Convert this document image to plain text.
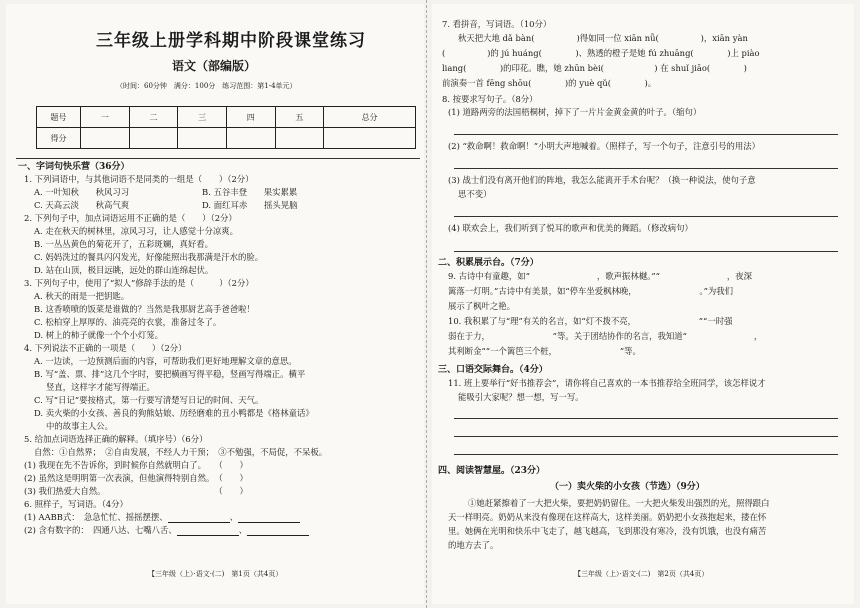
三年级上册学科期中阶段课堂练习
语文（部编版）
（时间：60分钟　满分：100分　练习范围：第1-4单元）
题号	一	二	三	四	五	总分
得分						
一、字词句快乐营（36分）
1. 下列词语中，与其他词语不是同类的一组是（　　）（2分）
A. 一叶知秋　　秋风习习	B. 五谷丰登　　果实累累
C. 天高云淡　　秋高气爽	D. 面红耳赤　　摇头晃脑
2. 下列句子中，加点词语运用不正确的是（　　）（2分）
A. 走在秋天的树林里，凉风习习，让人感觉十分凉爽。
B. 一丛丛黄色的菊花开了，五彩斑斓，真好看。
C. 妈妈洗过的餐具闪闪发光，好像能照出我那满是汗水的脸。
D. 站在山顶，极目远眺，远处的群山连绵起伏。
3. 下列句子中，使用了“拟人”修辞手法的是（　　　）（2分）
A. 秋天的雨是一把钥匙。
B. 这香喷喷的饭菜是谁做的？当然是我那厨艺高手爸爸啦！
C. 松柏穿上厚厚的、油亮亮的衣裳，准备过冬了。
D. 树上的柿子就像一个个小灯笼。
4. 下列说法不正确的一项是（　　）（2分）
A. 一边读，一边预测后面的内容，可帮助我们更好地理解文章的意思。
B. 写“盖、票、排”这几个字时，要把横画写得平稳，竖画写得端正。横平
竖直，这样字才能写得端正。
C. 写“日记”要按格式，第一行要写清楚写日记的时间、天气。
D. 卖火柴的小女孩、善良的狗熊姑娘、历经磨难的丑小鸭都是《格林童话》
中的故事主人公。
5. 给加点词语选择正确的解释。（填序号）（6分）
自然：①自然界；　②自由发展，不经人力干预；　③不勉强，不局促，不呆板。
(1) 我现在先不告诉你，到时候你自然就明白了。　　（　　）
(2) 虽然这是明明第一次表演，但他演得特别自然。　（　　）
(3) 我们热爱大自然。　　　　　　　　　　　　　　（　　）
6. 照样子，写词语。（4分）
(1) AABB式：　急急忙忙、摇摇摆摆、	、
(2) 含有数字的：　四通八达、七嘴八舌、	、
【三年级（上）·语文·(二)　第1页（共4页）
7. 看拼音，写词语。（10分）
秋天把大地 dǎ bàn(　　　　　)得如同一位 xiān nǚ(　　　　　)，xiān yàn
(　　　　　)的 jú huáng(　　　　)、熟透的橙子是她 fú zhuāng(　　　　)上 piào
liang(　　　　)的印花。瞧，她 zhūn bèi(　　　　　　) 在 shuǐ jiāo(　　　　)
前演奏一首 fēng shōu(　　　　)的 yuè qǔ(　　　　)。
8. 按要求写句子。（8分）
(1) 道路两旁的法国梧桐树，掉下了一片片金黄金黄的叶子。（缩句）
(2) “救命啊！救命啊！”小明大声地喊着。（照样子，写一个句子，注意引号的用法）
(3) 战士们没有离开他们的阵地，我怎么能离开手术台呢？（换一种说法，使句子意
思不变）
(4) 联欢会上，我们听到了悦耳的歌声和优美的舞蹈。（修改病句）
二、积累展示台。（7分）
9. 古诗中有童趣，如“　　　　　　　　，歌声振林樾。”“　　　　　　　　，夜深
篱落一灯明。”古诗中有美景，如“停车坐爱枫林晚，　　　　　　　　。”为我们
展示了枫叶之艳。
10. 我积累了与“理”有关的名言，如“灯不拨不亮，　　　　　　　　”“一时强
弱在于力，　　　　　　　　”等。关于团结协作的名言，我知道“　　　　　　　　，
其利断金”“一个篱笆三个桩，　　　　　　　　”等。
三、口语交际舞台。（4分）
11. 班上要举行“好书推荐会”，请你将自己喜欢的一本书推荐给全班同学，该怎样说才
能吸引大家呢？想一想，写一写。
四、阅读智慧屋。（23分）
（一）卖火柴的小女孩（节选）（9分）
①她赶紧擦着了一大把火柴，要把奶奶留住。一大把火柴发出强烈的光，照得跟白
天一样明亮。奶奶从来没有像现在这样高大，这样美丽。奶奶把小女孩抱起来，搂在怀
里。她俩在光明和快乐中飞走了，越飞越高，飞到那没有寒冷，没有饥饿，也没有痛苦
的地方去了。
【三年级（上）·语文·(二)　第2页（共4页）
